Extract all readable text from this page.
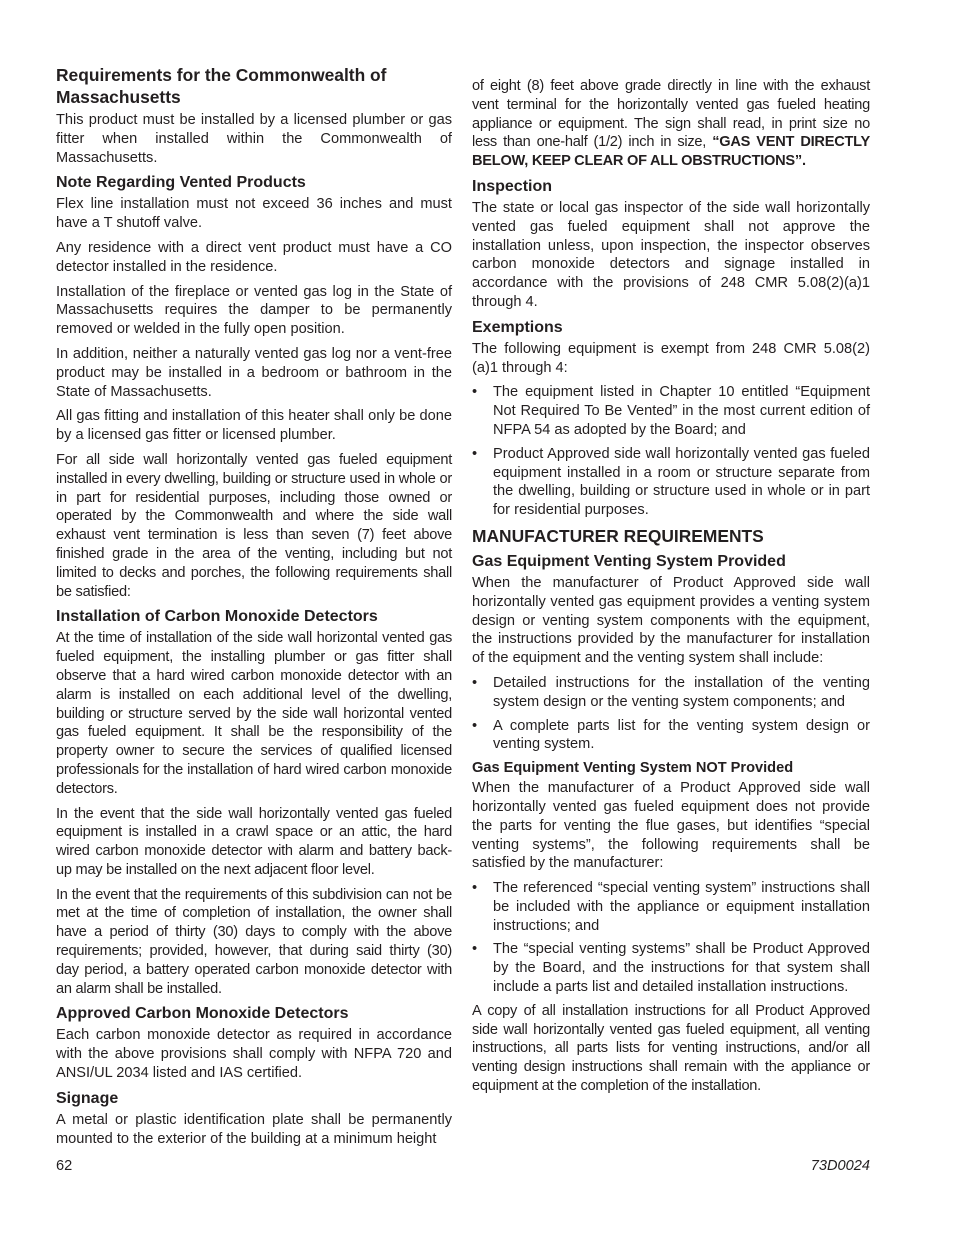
Requirements for the Commonwealth of Massachusetts

This product must be installed by a licensed plumber or gas fitter when installed within the Commonwealth of Massachusetts.

Note Regarding Vented Products

Flex line installation must not exceed 36 inches and must have a T shutoff valve.

Any residence with a direct vent product must have a CO detector installed in the residence.

Installation of the fireplace or vented gas log in the State of Massachusetts requires the damper to be permanently removed or welded in the fully open position.

In addition, neither a naturally vented gas log nor a vent-free product may be installed in a bedroom or bathroom in the State of Massachusetts.

All gas fitting and installation of this heater shall only be done by a licensed gas fitter or licensed plumber.

For all side wall horizontally vented gas fueled equipment installed in every dwelling, building or structure used in whole or in part for residential purposes, including those owned or operated by the Commonwealth and where the side wall exhaust vent termination is less than seven (7) feet above finished grade in the area of the venting, including but not limited to decks and porches, the following requirements shall be satisfied:

Installation of Carbon Monoxide Detectors

At the time of installation of the side wall horizontal vented gas fueled equipment, the installing plumber or gas fitter shall observe that a hard wired carbon monoxide detector with an alarm is installed on each additional level of the dwelling, building or structure served by the side wall horizontal vented gas fueled equipment. It shall be the responsibility of the property owner to secure the services of qualified licensed professionals for the installation of hard wired carbon monoxide detectors.

In the event that the side wall horizontally vented gas fueled equipment is installed in a crawl space or an attic, the hard wired carbon monoxide detector with alarm and battery back-up may be installed on the next adjacent floor level.

In the event that the requirements of this subdivision can not be met at the time of completion of installation, the owner shall have a period of thirty (30) days to comply with the above requirements; provided, however, that during said thirty (30) day period, a battery operated carbon monoxide detector with an alarm shall be installed.

Approved Carbon Monoxide Detectors

Each carbon monoxide detector as required in accordance with the above provisions shall comply with NFPA 720 and ANSI/UL 2034 listed and IAS certified.

Signage

A metal or plastic identification plate shall be permanently mounted to the exterior of the building at a minimum height

of eight (8) feet above grade directly in line with the exhaust vent terminal for the horizontally vented gas fueled heating appliance or equipment. The sign shall read, in print size no less than one-half (1/2) inch in size, “GAS VENT DIRECTLY BELOW, KEEP CLEAR OF ALL OBSTRUCTIONS”.

Inspection

The state or local gas inspector of the side wall horizontally vented gas fueled equipment shall not approve the installation unless, upon inspection, the inspector observes carbon monoxide detectors and signage installed in accordance with the provisions of 248 CMR 5.08(2)(a)1 through 4.

Exemptions

The following equipment is exempt from 248 CMR 5.08(2)(a)1 through 4:

• The equipment listed in Chapter 10 entitled “Equipment Not Required To Be Vented” in the most current edition of NFPA 54 as adopted by the Board; and
• Product Approved side wall horizontally vented gas fueled equipment installed in a room or structure separate from the dwelling, building or structure used in whole or in part for residential purposes.
MANUFACTURER REQUIREMENTS
Gas Equipment Venting System Provided

When the manufacturer of Product Approved side wall horizontally vented gas equipment provides a venting system design or venting system components with the equipment, the instructions provided by the manufacturer for installation of the equipment and the venting system shall include:

• Detailed instructions for the installation of the venting system design or the venting system components; and
• A complete parts list for the venting system design or venting system.
Gas Equipment Venting System NOT Provided

When the manufacturer of a Product Approved side wall horizontally vented gas fueled equipment does not provide the parts for venting the flue gases, but identifies “special venting systems”, the following requirements shall be satisfied by the manufacturer:

• The referenced “special venting system” instructions shall be included with the appliance or equipment installation instructions; and
• The “special venting systems” shall be Product Approved by the Board, and the instructions for that system shall include a parts list and detailed installation instructions.

A copy of all installation instructions for all Product Approved side wall horizontally vented gas fueled equipment, all venting instructions, all parts lists for venting instructions, and/or all venting design instructions shall remain with the appliance or equipment at the completion of the installation.

62	73D0024
